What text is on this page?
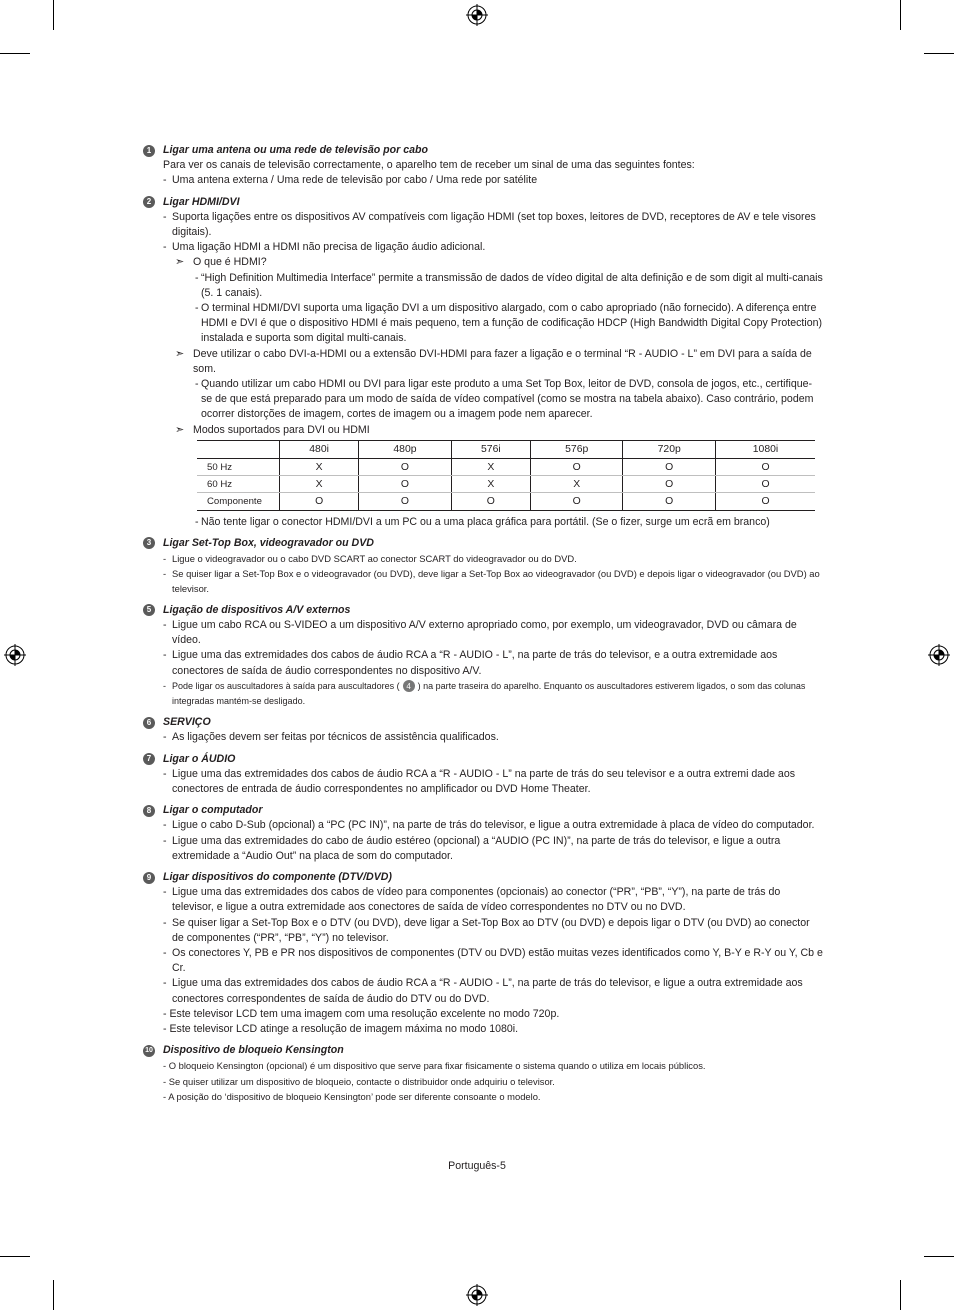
1	Ligar uma antena ou uma rede de televisão por cabo
Para ver os canais de televisão correctamente, o aparelho tem de receber um sinal de uma das seguintes fontes:
- Uma antena externa / Uma rede de televisão por cabo / Uma rede por satélite
2	Ligar HDMI/DVI
- Suporta ligações entre os dispositivos AV compatíveis com ligação HDMI (set top boxes, leitores de DVD, receptores de AV e tele visores digitais).
- Uma ligação HDMI a HDMI não precisa de ligação áudio adicional.
➣ O que é HDMI?
- “High Definition Multimedia Interface” permite a transmissão de dados de vídeo digital de alta definição e de som digit al multi-canais (5. 1 canais).
- O terminal HDMI/DVI suporta uma ligação DVI a um dispositivo alargado, com o cabo apropriado (não fornecido). A diferença entre HDMI e DVI é que o dispositivo HDMI é mais pequeno, tem a função de codificação HDCP (High Bandwidth Digital Copy Protection) instalada e suporta som digital multi-canais.
➣ Deve utilizar o cabo DVI-a-HDMI ou a extensão DVI-HDMI para fazer a ligação e o terminal “R - AUDIO - L” em DVI para a saída de som.
- Quando utilizar um cabo HDMI ou DVI para ligar este produto a uma Set Top Box, leitor de DVD, consola de jogos, etc., certifique-se de que está preparado para um modo de saída de vídeo compatível (como se mostra na tabela abaixo). Caso contrário, podem ocorrer distorções de imagem, cortes de imagem ou a imagem pode nem aparecer.
➣ Modos suportados para DVI ou HDMI
	480i	480p	576i	576p	720p	1080i
50 Hz	X	O	X	O	O	O
60 Hz	X	O	X	X	O	O
Componente	O	O	O	O	O	O
- Não tente ligar o conector HDMI/DVI a um PC ou a uma placa gráfica para portátil. (Se o fizer, surge um ecrã em branco)
3	Ligar Set-Top Box, videogravador ou DVD
- Ligue o videogravador ou o cabo DVD SCART ao conector SCART do videogravador ou do DVD.
- Se quiser ligar a Set-Top Box e o videogravador (ou DVD), deve ligar a Set-Top Box ao videogravador (ou DVD) e depois ligar o videogravador (ou DVD) ao televisor.
5	Ligação de dispositivos A/V externos
- Ligue um cabo RCA ou S-VIDEO a um dispositivo A/V externo apropriado como, por exemplo, um videogravador, DVD ou câmara de vídeo.
- Ligue uma das extremidades dos cabos de áudio RCA a “R - AUDIO - L”, na parte de trás do televisor, e a outra extremidade aos conectores de saída de áudio correspondentes no dispositivo A/V.
- Pode ligar os auscultadores à saída para auscultadores ( 4 ) na parte traseira do aparelho. Enquanto os auscultadores estiverem ligados, o som das colunas integradas mantém-se desligado.
6	SERVIÇO
- As ligações devem ser feitas por técnicos de assistência qualificados.
7	Ligar o ÁUDIO
- Ligue uma das extremidades dos cabos de áudio RCA a “R - AUDIO - L” na parte de trás do seu televisor e a outra extremi dade aos conectores de entrada de áudio correspondentes no amplificador ou DVD Home Theater.
8	Ligar o computador
- Ligue o cabo D-Sub (opcional) a “PC (PC IN)”, na parte de trás do televisor, e ligue a outra extremidade à placa de vídeo do computador.
- Ligue uma das extremidades do cabo de áudio estéreo (opcional) a “AUDIO (PC IN)”, na parte de trás do televisor, e ligue a outra extremidade a “Audio Out” na placa de som do computador.
9	Ligar dispositivos do componente (DTV/DVD)
- Ligue uma das extremidades dos cabos de vídeo para componentes (opcionais) ao conector (“PR”, “PB”, “Y”), na parte de trás do televisor, e ligue a outra extremidade aos conectores de saída de vídeo correspondentes no DTV ou no DVD.
- Se quiser ligar a Set-Top Box e o DTV (ou DVD), deve ligar a Set-Top Box ao DTV (ou DVD) e depois ligar o DTV (ou DVD) ao conector de componentes (“PR”, “PB”, “Y”) no televisor.
- Os conectores Y, PB e PR nos dispositivos de componentes (DTV ou DVD) estão muitas vezes identificados como Y, B-Y e R-Y ou Y, Cb e Cr.
- Ligue uma das extremidades dos cabos de áudio RCA a “R - AUDIO - L”, na parte de trás do televisor, e ligue a outra extremidade aos conectores correspondentes de saída de áudio do DTV ou do DVD.
- Este televisor LCD tem uma imagem com uma resolução excelente no modo 720p.
- Este televisor LCD atinge a resolução de imagem máxima no modo 1080i.
10 Dispositivo de bloqueio Kensington
- O bloqueio Kensington (opcional) é um dispositivo que serve para fixar fisicamente o sistema quando o utiliza em locais públicos.
- Se quiser utilizar um dispositivo de bloqueio, contacte o distribuidor onde adquiriu o televisor.
- A posição do ‘dispositivo de bloqueio Kensington’ pode ser diferente consoante o modelo.
Português-5
